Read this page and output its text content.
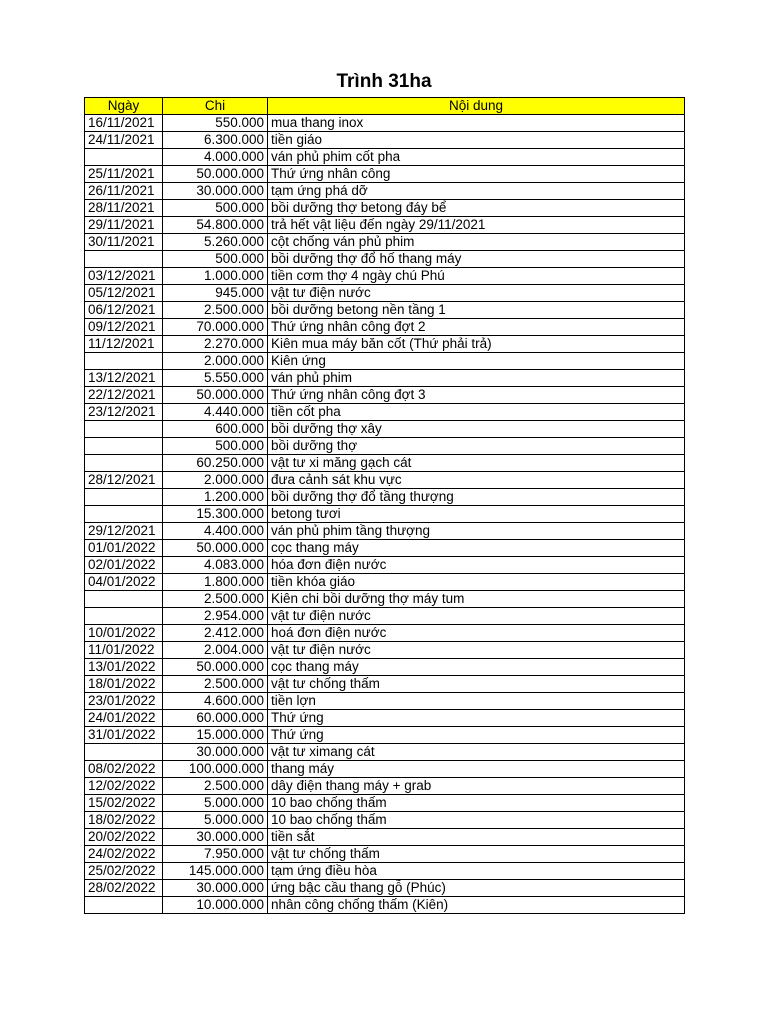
Trình 31ha
Ngày	Chi	Nội dung
16/11/2021	550.000	mua thang inox
24/11/2021	6.300.000	tiền giáo
	4.000.000	ván phủ phim cốt pha
25/11/2021	50.000.000	Thứ ứng nhân công
26/11/2021	30.000.000	tạm ứng phá dỡ
28/11/2021	500.000	bồi dưỡng thợ betong đáy bể
29/11/2021	54.800.000	trả hết vật liệu đến ngày 29/11/2021
30/11/2021	5.260.000	cột chống ván phủ phim
	500.000	bồi dưỡng thợ đổ hố thang máy
03/12/2021	1.000.000	tiền cơm thợ 4 ngày chú Phú
05/12/2021	945.000	vật tư điện nước
06/12/2021	2.500.000	bồi dưỡng betong nền tầng 1
09/12/2021	70.000.000	Thứ ứng nhân công đợt 2
11/12/2021	2.270.000	Kiên mua máy băn cốt (Thứ phải trả)
	2.000.000	Kiên ứng
13/12/2021	5.550.000	ván phủ phim
22/12/2021	50.000.000	Thứ ứng nhân công đợt 3
23/12/2021	4.440.000	tiền cốt pha
	600.000	bồi dưỡng thợ xây
	500.000	bồi dưỡng thợ
	60.250.000	vật tư xi măng gạch cát
28/12/2021	2.000.000	đưa cảnh sát khu vực
	1.200.000	bồi dưỡng thợ đổ tầng thượng
	15.300.000	betong tươi
29/12/2021	4.400.000	ván phủ phim tầng thượng
01/01/2022	50.000.000	cọc thang máy
02/01/2022	4.083.000	hóa đơn điện nước
04/01/2022	1.800.000	tiền khóa giáo
	2.500.000	Kiên chi bồi dưỡng thợ máy tum
	2.954.000	vật tư điện nước
10/01/2022	2.412.000	hoá đơn điện nước
11/01/2022	2.004.000	vật tư điện nước
13/01/2022	50.000.000	cọc thang máy
18/01/2022	2.500.000	vật tư chống thấm
23/01/2022	4.600.000	tiền lợn
24/01/2022	60.000.000	Thứ ứng
31/01/2022	15.000.000	Thứ ứng
	30.000.000	vật tư ximang cát
08/02/2022	100.000.000	thang máy
12/02/2022	2.500.000	dây điện thang máy + grab
15/02/2022	5.000.000	10 bao chống thấm
18/02/2022	5.000.000	10 bao chống thấm
20/02/2022	30.000.000	tiền sắt
24/02/2022	7.950.000	vật tư chống thấm
25/02/2022	145.000.000	tạm ứng điều hòa
28/02/2022	30.000.000	ứng bậc cầu thang gỗ (Phúc)
	10.000.000	nhân công chống thấm (Kiên)
